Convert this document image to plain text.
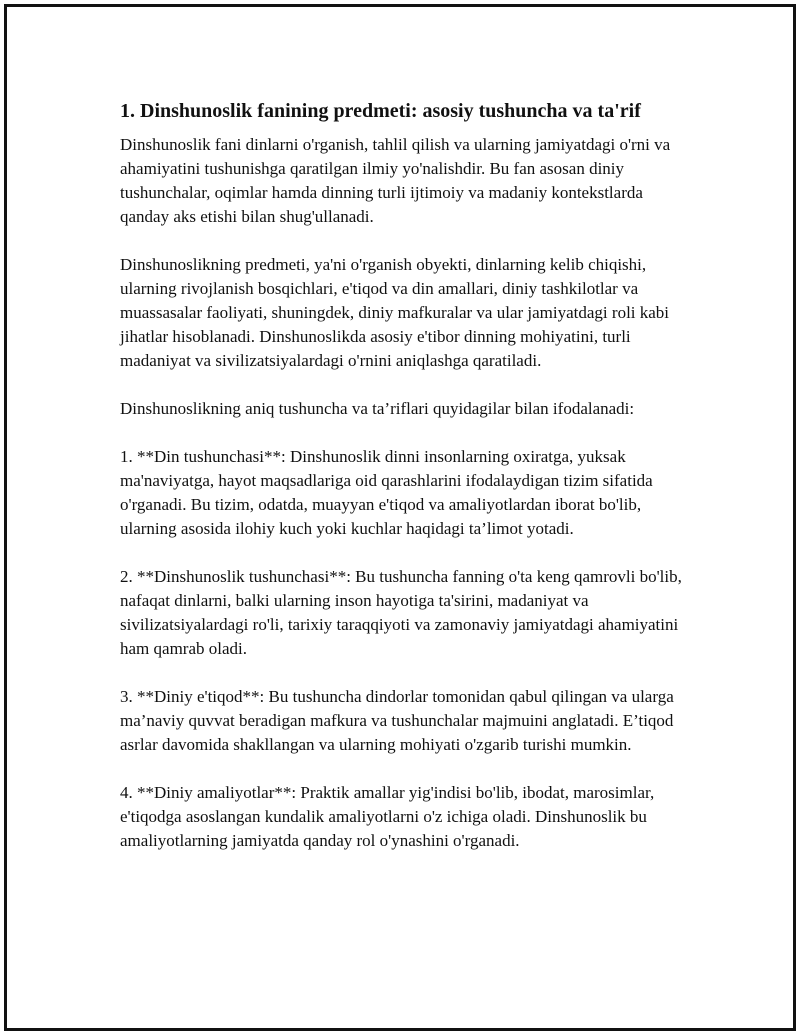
1. Dinshunoslik fanining predmeti: asosiy tushuncha va ta'rif

Dinshunoslik fani dinlarni o'rganish, tahlil qilish va ularning jamiyatdagi o'rni va ahamiyatini tushunishga qaratilgan ilmiy yo'nalishdir. Bu fan asosan diniy tushunchalar, oqimlar hamda dinning turli ijtimoiy va madaniy kontekstlarda qanday aks etishi bilan shug'ullanadi.

Dinshunoslikning predmeti, ya'ni o'rganish obyekti, dinlarning kelib chiqishi, ularning rivojlanish bosqichlari, e'tiqod va din amallari, diniy tashkilotlar va muassasalar faoliyati, shuningdek, diniy mafkuralar va ular jamiyatdagi roli kabi jihatlar hisoblanadi. Dinshunoslikda asosiy e'tibor dinning mohiyatini, turli madaniyat va sivilizatsiyalardagi o'rnini aniqlashga qaratiladi.

Dinshunoslikning aniq tushuncha va ta’riflari quyidagilar bilan ifodalanadi:

1. **Din tushunchasi**: Dinshunoslik dinni insonlarning oxiratga, yuksak ma'naviyatga, hayot maqsadlariga oid qarashlarini ifodalaydigan tizim sifatida o'rganadi. Bu tizim, odatda, muayyan e'tiqod va amaliyotlardan iborat bo'lib, ularning asosida ilohiy kuch yoki kuchlar haqidagi ta’limot yotadi.

2. **Dinshunoslik tushunchasi**: Bu tushuncha fanning o'ta keng qamrovli bo'lib, nafaqat dinlarni, balki ularning inson hayotiga ta'sirini, madaniyat va sivilizatsiyalardagi ro'li, tarixiy taraqqiyoti va zamonaviy jamiyatdagi ahamiyatini ham qamrab oladi.

3. **Diniy e'tiqod**: Bu tushuncha dindorlar tomonidan qabul qilingan va ularga ma’naviy quvvat beradigan mafkura va tushunchalar majmuini anglatadi. E’tiqod asrlar davomida shakllangan va ularning mohiyati o'zgarib turishi mumkin.

4. **Diniy amaliyotlar**: Praktik amallar yig'indisi bo'lib, ibodat, marosimlar, e'tiqodga asoslangan kundalik amaliyotlarni o'z ichiga oladi. Dinshunoslik bu amaliyotlarning jamiyatda qanday rol o'ynashini o'rganadi.
